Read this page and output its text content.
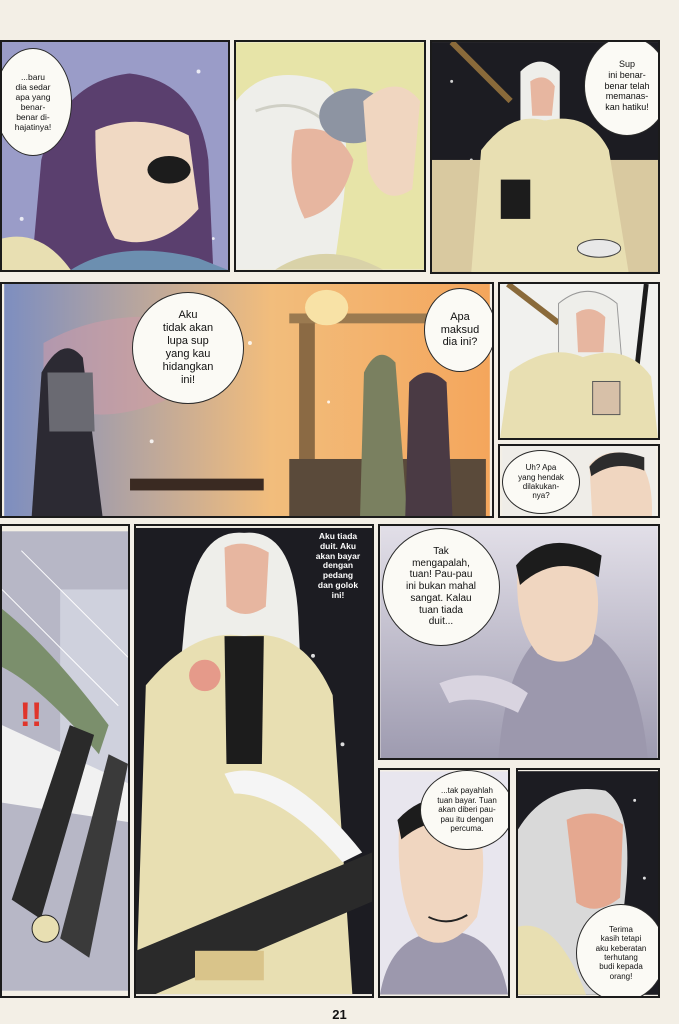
...baru
dia sedar
apa yang
benar-
benar di-
hajatinya!
Sup
ini benar-
benar telah
memanas-
kan hatiku!
Aku
tidak akan
lupa sup
yang kau
hidangkan
ini!
Apa
maksud
dia ini?
Uh? Apa
yang hendak
dilakukan-
nya?
!!
Aku tiada
duit. Aku
akan bayar
dengan
pedang
dan golok
ini!
Tak
mengapalah,
tuan! Pau-pau
ini bukan mahal
sangat. Kalau
tuan tiada
duit...
...tak payahlah
tuan bayar. Tuan
akan diberi pau-
pau itu dengan
percuma.
Terima
kasih tetapi
aku keberatan
terhutang
budi kepada
orang!
21
